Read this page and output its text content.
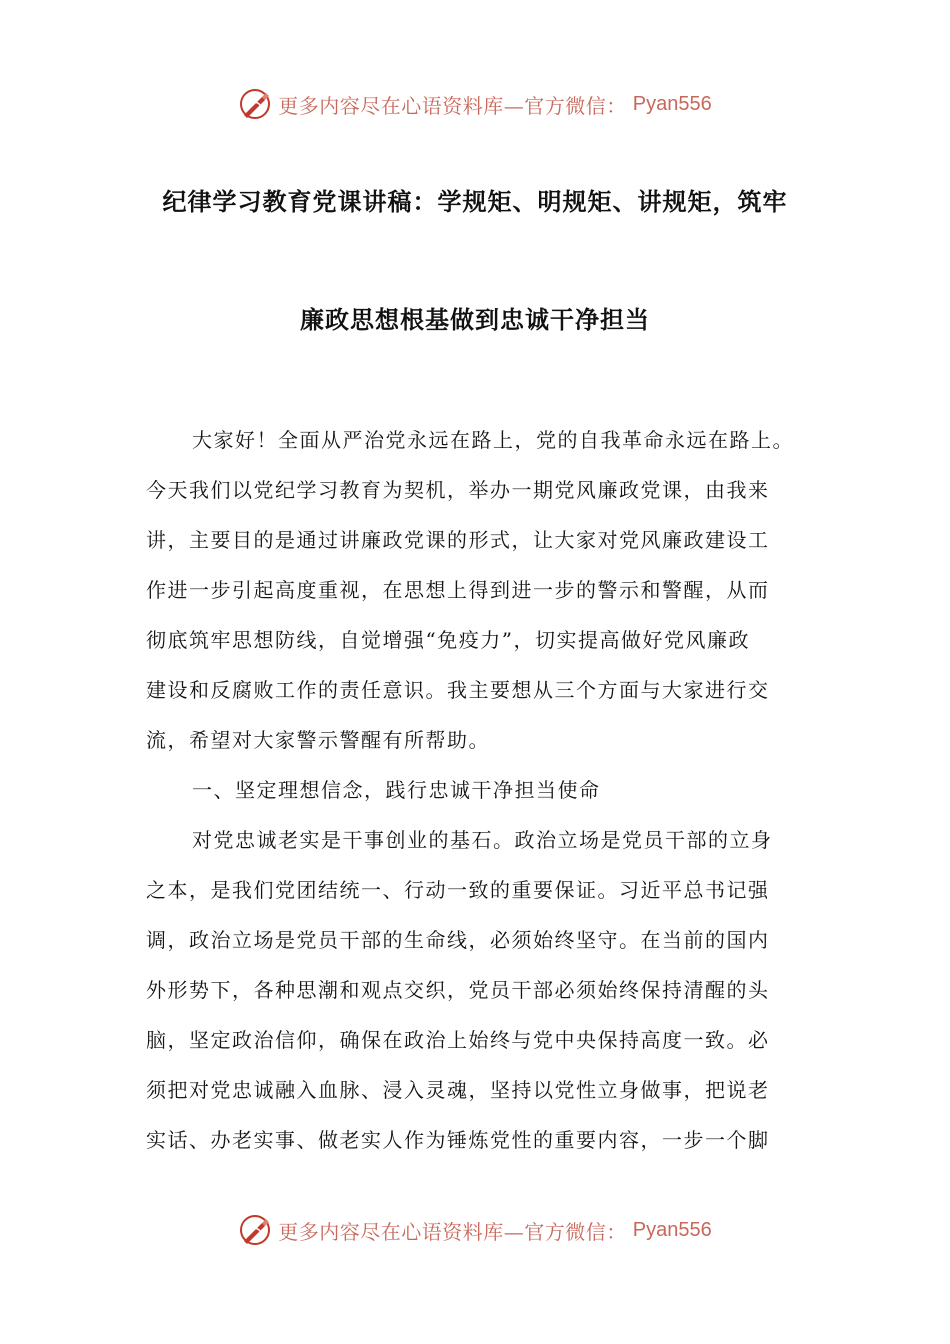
更多内容尽在心语资料库—官方微信： Pyan556
纪律学习教育党课讲稿：学规矩、明规矩、讲规矩，筑牢
廉政思想根基做到忠诚干净担当
大家好！全面从严治党永远在路上，党的自我革命永远在路上。
今天我们以党纪学习教育为契机，举办一期党风廉政党课，由我来
讲，主要目的是通过讲廉政党课的形式，让大家对党风廉政建设工
作进一步引起高度重视，在思想上得到进一步的警示和警醒，从而
彻底筑牢思想防线，自觉增强“免疫力”，切实提高做好党风廉政
建设和反腐败工作的责任意识。我主要想从三个方面与大家进行交
流，希望对大家警示警醒有所帮助。
一、坚定理想信念，践行忠诚干净担当使命
对党忠诚老实是干事创业的基石。政治立场是党员干部的立身
之本，是我们党团结统一、行动一致的重要保证。习近平总书记强
调，政治立场是党员干部的生命线，必须始终坚守。在当前的国内
外形势下，各种思潮和观点交织，党员干部必须始终保持清醒的头
脑，坚定政治信仰，确保在政治上始终与党中央保持高度一致。必
须把对党忠诚融入血脉、浸入灵魂，坚持以党性立身做事，把说老
实话、办老实事、做老实人作为锤炼党性的重要内容，一步一个脚
更多内容尽在心语资料库—官方微信： Pyan556
